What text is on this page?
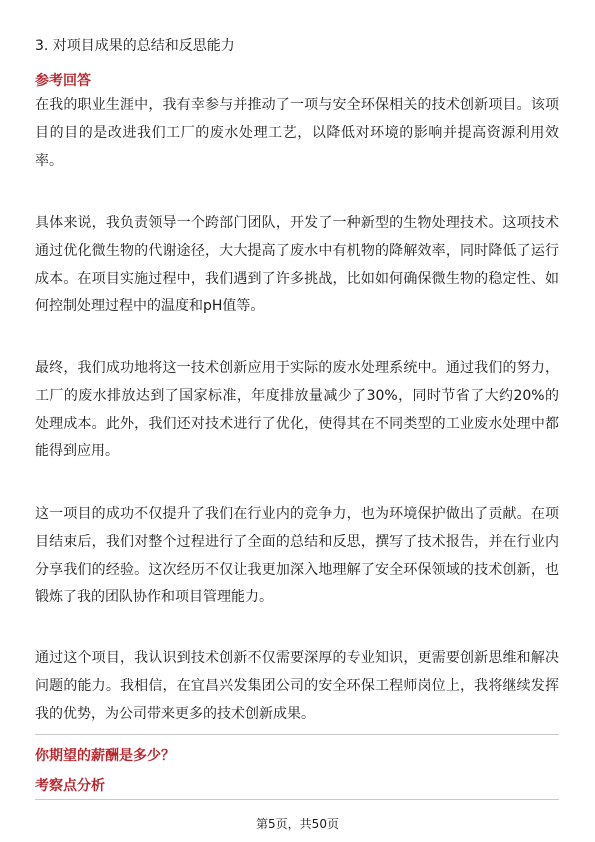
3. 对项目成果的总结和反思能力
参考回答

在我的职业生涯中，我有幸参与并推动了一项与安全环保相关的技术创新项目。该项目的目的是改进我们工厂的废水处理工艺，以降低对环境的影响并提高资源利用效率。

具体来说，我负责领导一个跨部门团队，开发了一种新型的生物处理技术。这项技术通过优化微生物的代谢途径，大大提高了废水中有机物的降解效率，同时降低了运行成本。在项目实施过程中，我们遇到了许多挑战，比如如何确保微生物的稳定性、如何控制处理过程中的温度和pH值等。

最终，我们成功地将这一技术创新应用于实际的废水处理系统中。通过我们的努力，工厂的废水排放达到了国家标准，年度排放量减少了30%，同时节省了大约20%的处理成本。此外，我们还对技术进行了优化，使得其在不同类型的工业废水处理中都能得到应用。

这一项目的成功不仅提升了我们在行业内的竞争力，也为环境保护做出了贡献。在项目结束后，我们对整个过程进行了全面的总结和反思，撰写了技术报告，并在行业内分享我们的经验。这次经历不仅让我更加深入地理解了安全环保领域的技术创新，也锻炼了我的团队协作和项目管理能力。

通过这个项目，我认识到技术创新不仅需要深厚的专业知识，更需要创新思维和解决问题的能力。我相信，在宜昌兴发集团公司的安全环保工程师岗位上，我将继续发挥我的优势，为公司带来更多的技术创新成果。

你期望的薪酬是多少？
考察点分析
第5页，共50页
